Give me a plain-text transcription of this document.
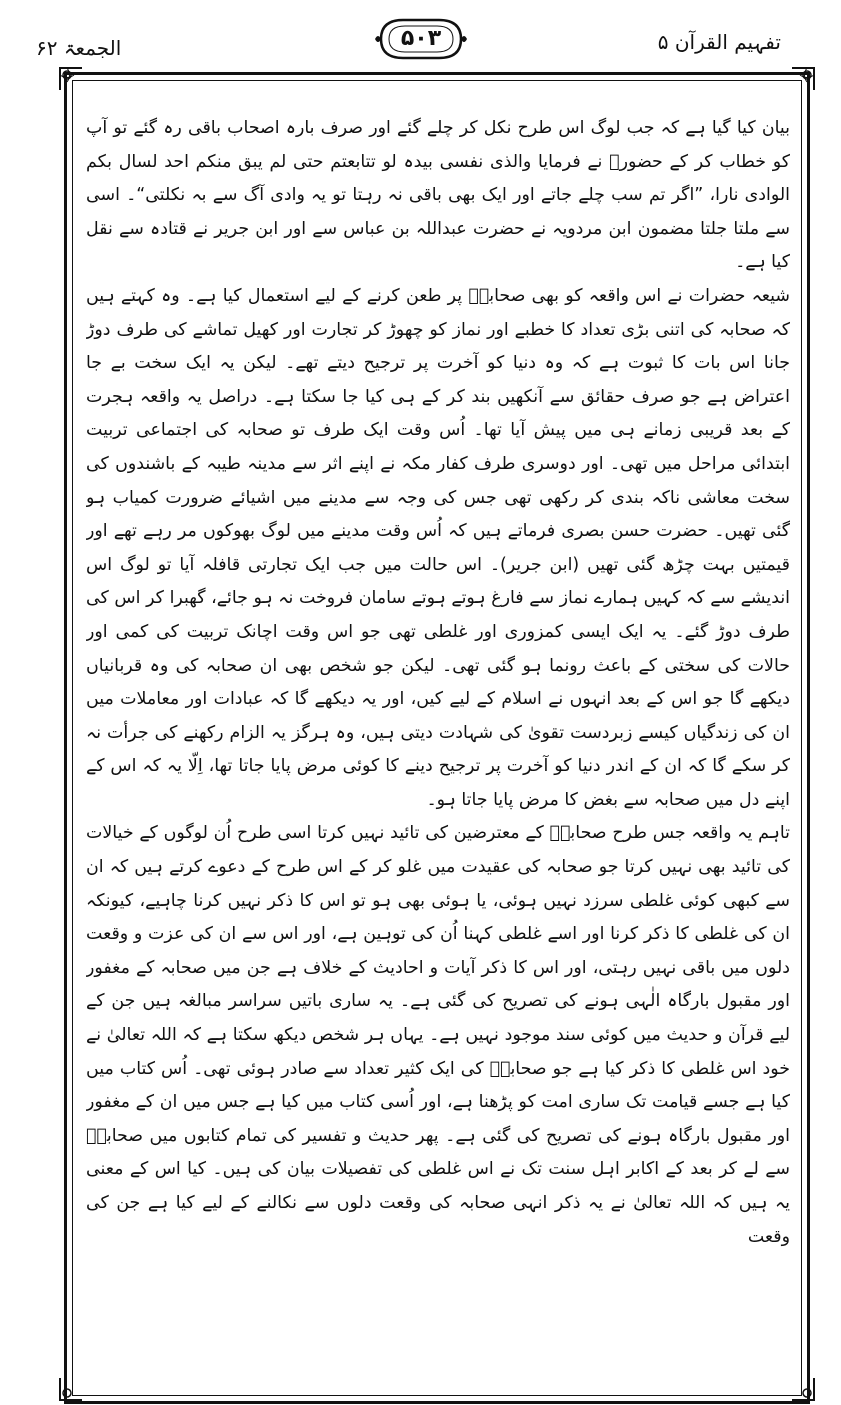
الجمعۃ ۶۲	۵۰۳	تفہیم القرآن ۵

بیان کیا گیا ہے کہ جب لوگ اس طرح نکل کر چلے گئے اور صرف بارہ اصحاب باقی رہ گئے تو آپ کو خطاب کر کے حضورؐ نے فرمایا والذی نفسی بیدہ لو تتابعتم حتی لم یبق منکم احد لسال بکم الوادی نارا، ”اگر تم سب چلے جاتے اور ایک بھی باقی نہ رہتا تو یہ وادی آگ سے بہ نکلتی“۔ اسی سے ملتا جلتا مضمون ابن مردویہ نے حضرت عبداللہ بن عباس سے اور ابن جریر نے قتادہ سے نقل کیا ہے۔

شیعہ حضرات نے اس واقعہ کو بھی صحابہؓ پر طعن کرنے کے لیے استعمال کیا ہے۔ وہ کہتے ہیں کہ صحابہ کی اتنی بڑی تعداد کا خطبے اور نماز کو چھوڑ کر تجارت اور کھیل تماشے کی طرف دوڑ جانا اس بات کا ثبوت ہے کہ وہ دنیا کو آخرت پر ترجیح دیتے تھے۔ لیکن یہ ایک سخت بے جا اعتراض ہے جو صرف حقائق سے آنکھیں بند کر کے ہی کیا جا سکتا ہے۔ دراصل یہ واقعہ ہجرت کے بعد قریبی زمانے ہی میں پیش آیا تھا۔ اُس وقت ایک طرف تو صحابہ کی اجتماعی تربیت ابتدائی مراحل میں تھی۔ اور دوسری طرف کفار مکہ نے اپنے اثر سے مدینہ طیبہ کے باشندوں کی سخت معاشی ناکہ بندی کر رکھی تھی جس کی وجہ سے مدینے میں اشیائے ضرورت کمیاب ہو گئی تھیں۔ حضرت حسن بصری فرماتے ہیں کہ اُس وقت مدینے میں لوگ بھوکوں مر رہے تھے اور قیمتیں بہت چڑھ گئی تھیں (ابن جریر)۔ اس حالت میں جب ایک تجارتی قافلہ آیا تو لوگ اس اندیشے سے کہ کہیں ہمارے نماز سے فارغ ہوتے ہوتے سامان فروخت نہ ہو جائے، گھبرا کر اس کی طرف دوڑ گئے۔ یہ ایک ایسی کمزوری اور غلطی تھی جو اس وقت اچانک تربیت کی کمی اور حالات کی سختی کے باعث رونما ہو گئی تھی۔ لیکن جو شخص بھی ان صحابہ کی وہ قربانیاں دیکھے گا جو اس کے بعد انہوں نے اسلام کے لیے کیں، اور یہ دیکھے گا کہ عبادات اور معاملات میں ان کی زندگیاں کیسے زبردست تقویٰ کی شہادت دیتی ہیں، وہ ہرگز یہ الزام رکھنے کی جرأت نہ کر سکے گا کہ ان کے اندر دنیا کو آخرت پر ترجیح دینے کا کوئی مرض پایا جاتا تھا، اِلّا یہ کہ اس کے اپنے دل میں صحابہ سے بغض کا مرض پایا جاتا ہو۔

تاہم یہ واقعہ جس طرح صحابہؓ کے معترضین کی تائید نہیں کرتا اسی طرح اُن لوگوں کے خیالات کی تائید بھی نہیں کرتا جو صحابہ کی عقیدت میں غلو کر کے اس طرح کے دعوے کرتے ہیں کہ ان سے کبھی کوئی غلطی سرزد نہیں ہوئی، یا ہوئی بھی ہو تو اس کا ذکر نہیں کرنا چاہیے، کیونکہ ان کی غلطی کا ذکر کرنا اور اسے غلطی کہنا اُن کی توہین ہے، اور اس سے ان کی عزت و وقعت دلوں میں باقی نہیں رہتی، اور اس کا ذکر آیات و احادیث کے خلاف ہے جن میں صحابہ کے مغفور اور مقبول بارگاہ الٰہی ہونے کی تصریح کی گئی ہے۔ یہ ساری باتیں سراسر مبالغہ ہیں جن کے لیے قرآن و حدیث میں کوئی سند موجود نہیں ہے۔ یہاں ہر شخص دیکھ سکتا ہے کہ اللہ تعالیٰ نے خود اس غلطی کا ذکر کیا ہے جو صحابہؓ کی ایک کثیر تعداد سے صادر ہوئی تھی۔ اُس کتاب میں کیا ہے جسے قیامت تک ساری امت کو پڑھنا ہے، اور اُسی کتاب میں کیا ہے جس میں ان کے مغفور اور مقبول بارگاہ ہونے کی تصریح کی گئی ہے۔ پھر حدیث و تفسیر کی تمام کتابوں میں صحابہؓ سے لے کر بعد کے اکابر اہل سنت تک نے اس غلطی کی تفصیلات بیان کی ہیں۔ کیا اس کے معنی یہ ہیں کہ اللہ تعالیٰ نے یہ ذکر انہی صحابہ کی وقعت دلوں سے نکالنے کے لیے کیا ہے جن کی وقعت
